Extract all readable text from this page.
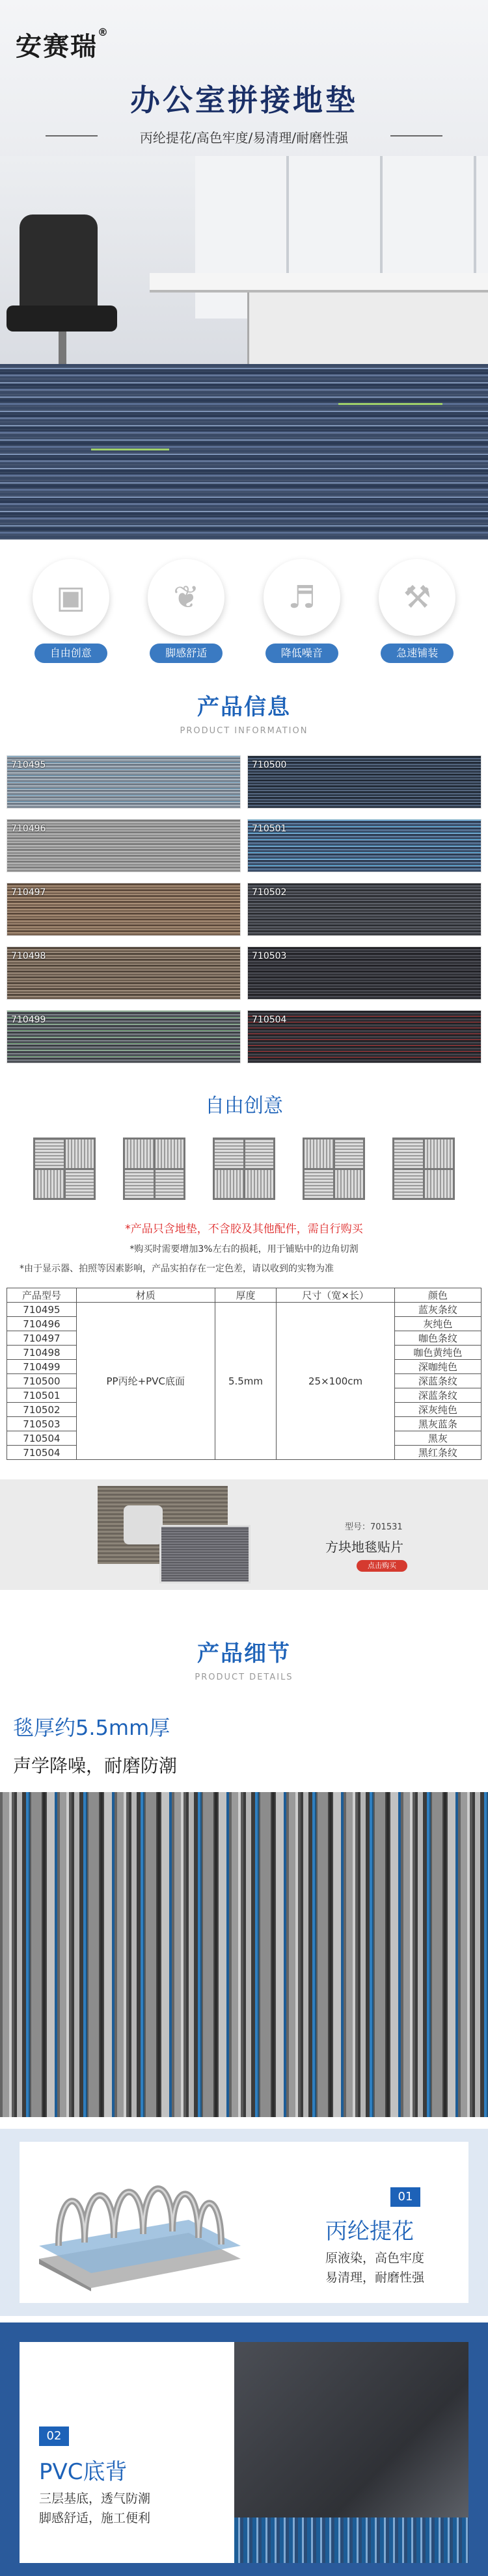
安赛瑞®
办公室拼接地垫
丙纶提花/高色牢度/易清理/耐磨性强
▣
自由创意
❦
脚感舒适
♬
降低噪音
⚒
急速铺装
产品信息
PRODUCT INFORMATION
710495	710500
710496	710501
710497	710502
710498	710503
710499	710504
自由创意
*产品只含地垫，不含胶及其他配件，需自行购买
*购买时需要增加3%左右的损耗，用于铺贴中的边角切割
*由于显示器、拍照等因素影响，产品实拍存在一定色差，请以收到的实物为准
产品型号	材质	厚度	尺寸（宽×长）	颜色
710495	PP丙纶+PVC底面	5.5mm	25×100cm	蓝灰条纹
710496				灰纯色
710497				咖色条纹
710498				咖色黄纯色
710499				深咖纯色
710500				深蓝条纹
710501				深蓝条纹
710502				深灰纯色
710503				黑灰蓝条
710504				黑灰
710504				黑红条纹
型号：701531
方块地毯贴片
点击购买
产品细节
PRODUCT DETAILS
毯厚约5.5mm厚
声学降噪，耐磨防潮
01
丙纶提花
原液染，高色牢度
易清理，耐磨性强
02
PVC底背
三层基底，透气防潮
脚感舒适，施工便利
